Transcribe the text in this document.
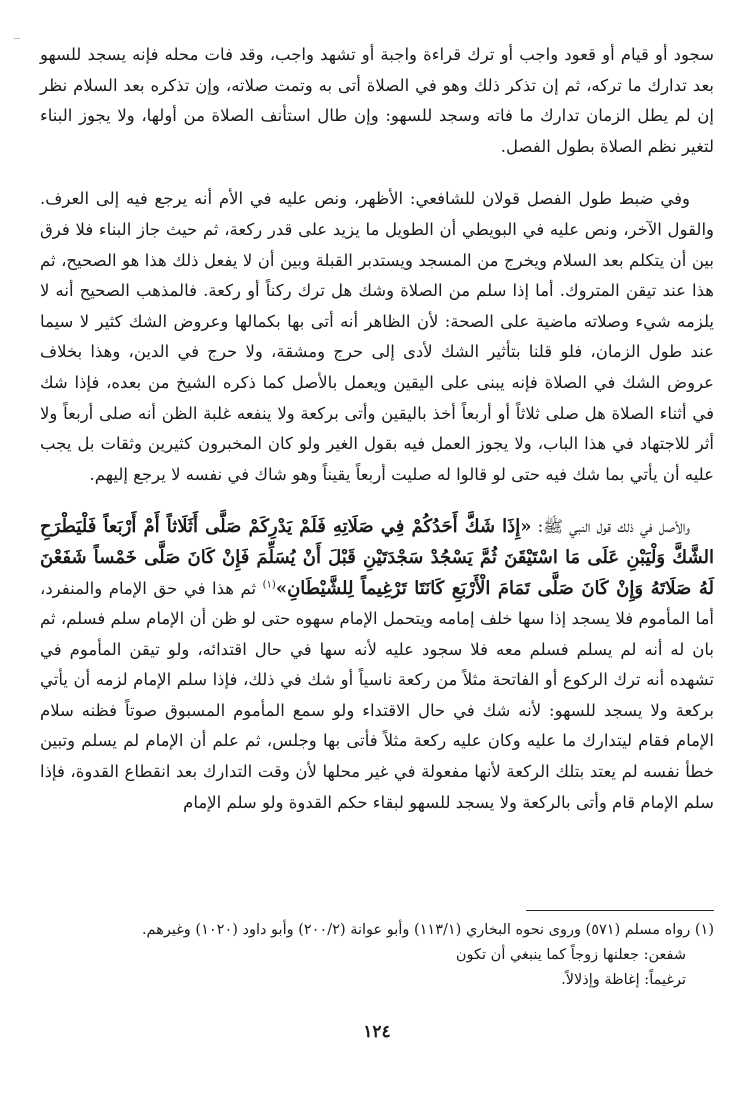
سجود أو قيام أو قعود واجب أو ترك قراءة واجبة أو تشهد واجب، وقد فات محله فإنه يسجد للسهو بعد تدارك ما تركه، ثم إن تذكر ذلك وهو في الصلاة أتى به وتمت صلاته، وإن تذكره بعد السلام نظر إن لم يطل الزمان تدارك ما فاته وسجد للسهو: وإن طال استأنف الصلاة من أولها، ولا يجوز البناء لتغير نظم الصلاة بطول الفصل.

وفي ضبط طول الفصل قولان للشافعي: الأظهر، ونص عليه في الأم أنه يرجع فيه إلى العرف. والقول الآخر، ونص عليه في البويطي أن الطويل ما يزيد على قدر ركعة، ثم حيث جاز البناء فلا فرق بين أن يتكلم بعد السلام ويخرج من المسجد ويستدبر القبلة وبين أن لا يفعل ذلك هذا هو الصحيح، ثم هذا عند تيقن المتروك. أما إذا سلم من الصلاة وشك هل ترك ركناً أو ركعة. فالمذهب الصحيح أنه لا يلزمه شيء وصلاته ماضية على الصحة: لأن الظاهر أنه أتى بها بكمالها وعروض الشك كثير لا سيما عند طول الزمان، فلو قلنا بتأثير الشك لأدى إلى حرج ومشقة، ولا حرج في الدين، وهذا بخلاف عروض الشك في الصلاة فإنه يبنى على اليقين ويعمل بالأصل كما ذكره الشيخ من بعده، فإذا شك في أثناء الصلاة هل صلى ثلاثاً أو أربعاً أخذ باليقين وأتى بركعة ولا ينفعه غلبة الظن أنه صلى أربعاً ولا أثر للاجتهاد في هذا الباب، ولا يجوز العمل فيه بقول الغير ولو كان المخبرون كثيرين وثقات بل يجب عليه أن يأتي بما شك فيه حتى لو قالوا له صليت أربعاً يقيناً وهو شاك في نفسه لا يرجع إليهم.

والأصل في ذلك قول النبي ﷺ: «إِذَا شَكَّ أَحَدُكُمْ فِي صَلَاتِهِ فَلَمْ يَدْرِكَمْ صَلَّى أَثَلَاثاً أَمْ أَرْبَعاً فَلْيَطْرَحِ الشَّكَّ وَلْيَبْنِ عَلَى مَا اسْتَيْقَنَ ثُمَّ يَسْجُدْ سَجْدَتَيْنِ قَبْلَ أَنْ يُسَلِّمَ فَإِنْ كَانَ صَلَّى خَمْساً شَفَعْنَ لَهُ صَلَاتَهُ وَإِنْ كَانَ صَلَّى تَمَامَ الْأَرْبَعِ كَانَتَا تَرْغِيماً لِلشَّيْطَانِ»$^{(١)}$ ثم هذا في حق الإمام والمنفرد، أما المأموم فلا يسجد إذا سها خلف إمامه ويتحمل الإمام سهوه حتى لو ظن أن الإمام سلم فسلم، ثم بان له أنه لم يسلم فسلم معه فلا سجود عليه لأنه سها في حال اقتدائه، ولو تيقن المأموم في تشهده أنه ترك الركوع أو الفاتحة مثلاً من ركعة ناسياً أو شك في ذلك، فإذا سلم الإمام لزمه أن يأتي بركعة ولا يسجد للسهو: لأنه شك في حال الاقتداء ولو سمع المأموم المسبوق صوتاً فظنه سلام الإمام فقام ليتدارك ما عليه وكان عليه ركعة مثلاً فأتى بها وجلس، ثم علم أن الإمام لم يسلم وتبين خطأ نفسه لم يعتد بتلك الركعة لأنها مفعولة في غير محلها لأن وقت التدارك بعد انقطاع القدوة، فإذا سلم الإمام قام وأتى بالركعة ولا يسجد للسهو لبقاء حكم القدوة ولو سلم الإمام

(١) رواه مسلم (٥٧١) وروى نحوه البخاري (١١٣/١) وأبو عوانة (٢٠٠/٢) وأبو داود (١٠٢٠) وغيرهم.
شفعن: جعلنها زوجاً كما ينبغي أن تكون
ترغيماً: إغاظة وإذلالاً.
١٢٤
